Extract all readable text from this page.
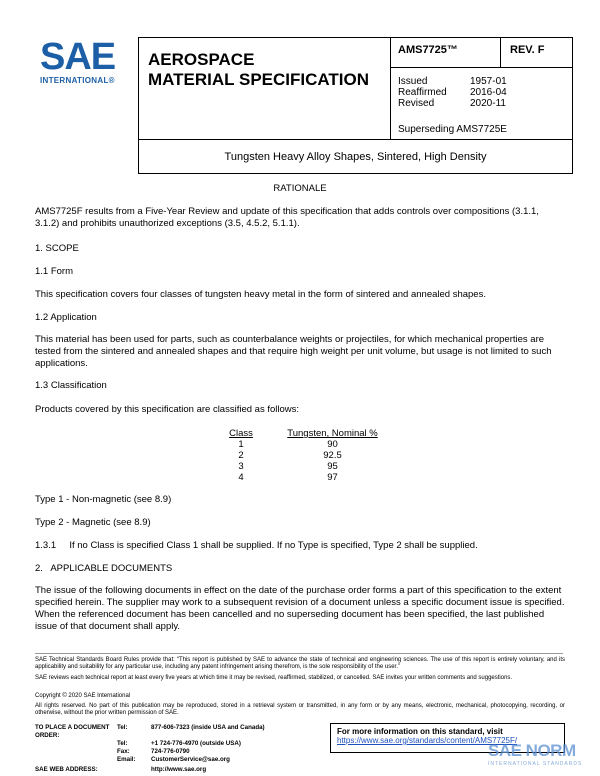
SAE
INTERNATIONAL®
AEROSPACE
MATERIAL SPECIFICATION
AMS7725™	REV. F
Issued	1957-01
Reaffirmed	2016-04
Revised	2020-11
Superseding AMS7725E
Tungsten Heavy Alloy Shapes, Sintered, High Density
RATIONALE
AMS7725F results from a Five-Year Review and update of this specification that adds controls over compositions (3.1.1, 3.1.2) and prohibits unauthorized exceptions (3.5, 4.5.2, 5.1.1).
1. SCOPE
1.1 Form
This specification covers four classes of tungsten heavy metal in the form of sintered and annealed shapes.
1.2 Application
This material has been used for parts, such as counterbalance weights or projectiles, for which mechanical properties are tested from the sintered and annealed shapes and that require high weight per unit volume, but usage is not limited to such applications.
1.3 Classification
Products covered by this specification are classified as follows:
Class	Tungsten, Nominal %
1	90
2	92.5
3	95
4	97
Type 1 - Non-magnetic (see 8.9)
Type 2 - Magnetic (see 8.9)
1.3.1     If no Class is specified Class 1 shall be supplied. If no Type is specified, Type 2 shall be supplied.
2.   APPLICABLE DOCUMENTS
The issue of the following documents in effect on the date of the purchase order forms a part of this specification to the extent specified herein. The supplier may work to a subsequent revision of a document unless a specific document issue is specified. When the referenced document has been cancelled and no superseding document has been specified, the last published issue of that document shall apply.
SAE Technical Standards Board Rules provide that: “This report is published by SAE to advance the state of technical and engineering sciences. The use of this report is entirely voluntary, and its applicability and suitability for any particular use, including any patent infringement arising therefrom, is the sole responsibility of the user.”
SAE reviews each technical report at least every five years at which time it may be revised, reaffirmed, stabilized, or cancelled. SAE invites your written comments and suggestions.
Copyright © 2020 SAE International
All rights reserved. No part of this publication may be reproduced, stored in a retrieval system or transmitted, in any form or by any means, electronic, mechanical, photocopying, recording, or otherwise, without the prior written permission of SAE.
TO PLACE A DOCUMENT ORDER:
Tel:	877-606-7323 (inside USA and Canada)
Tel:	+1 724-776-4970 (outside USA)
Fax:	724-776-0790
Email:	CustomerService@sae.org
SAE WEB ADDRESS:	http://www.sae.org
For more information on this standard, visit
https://www.sae.org/standards/content/AMS7725F/
SAE NORM
INTERNATIONAL STANDARDS
